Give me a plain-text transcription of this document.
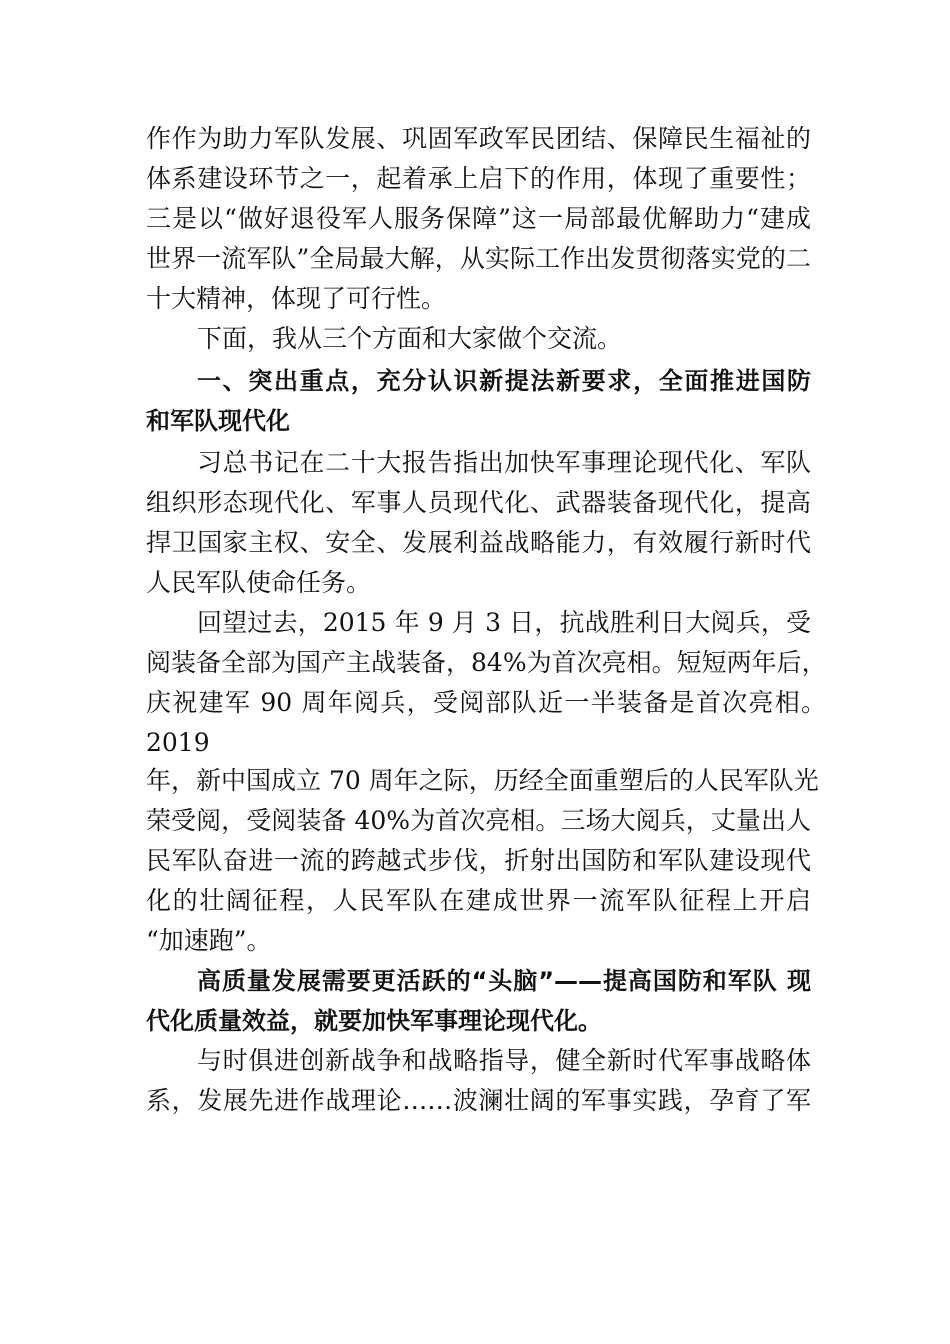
作作为助力军队发展、巩固军政军民团结、保障民生福祉的
体系建设环节之一，起着承上启下的作用，体现了重要性；
三是以“做好退役军人服务保障”这一局部最优解助力“建成
世界一流军队”全局最大解，从实际工作出发贯彻落实党的二
十大精神，体现了可行性。
下面，我从三个方面和大家做个交流。
一、突出重点，充分认识新提法新要求，全面推进国防
和军队现代化
习总书记在二十大报告指出加快军事理论现代化、军队
组织形态现代化、军事人员现代化、武器装备现代化，提高
捍卫国家主权、安全、发展利益战略能力，有效履行新时代
人民军队使命任务。
回望过去，2015 年 9 月 3 日，抗战胜利日大阅兵，受
阅装备全部为国产主战装备，84%为首次亮相。短短两年后，
庆祝建军 90 周年阅兵，受阅部队近一半装备是首次亮相。
2019
年，新中国成立 70 周年之际，历经全面重塑后的人民军队光
荣受阅，受阅装备 40%为首次亮相。三场大阅兵，丈量出人
民军队奋进一流的跨越式步伐，折射出国防和军队建设现代
化的壮阔征程，人民军队在建成世界一流军队征程上开启
“加速跑”。
高质量发展需要更活跃的“头脑”——提高国防和军队 现
代化质量效益，就要加快军事理论现代化。
与时俱进创新战争和战略指导，健全新时代军事战略体
系，发展先进作战理论……波澜壮阔的军事实践，孕育了军
